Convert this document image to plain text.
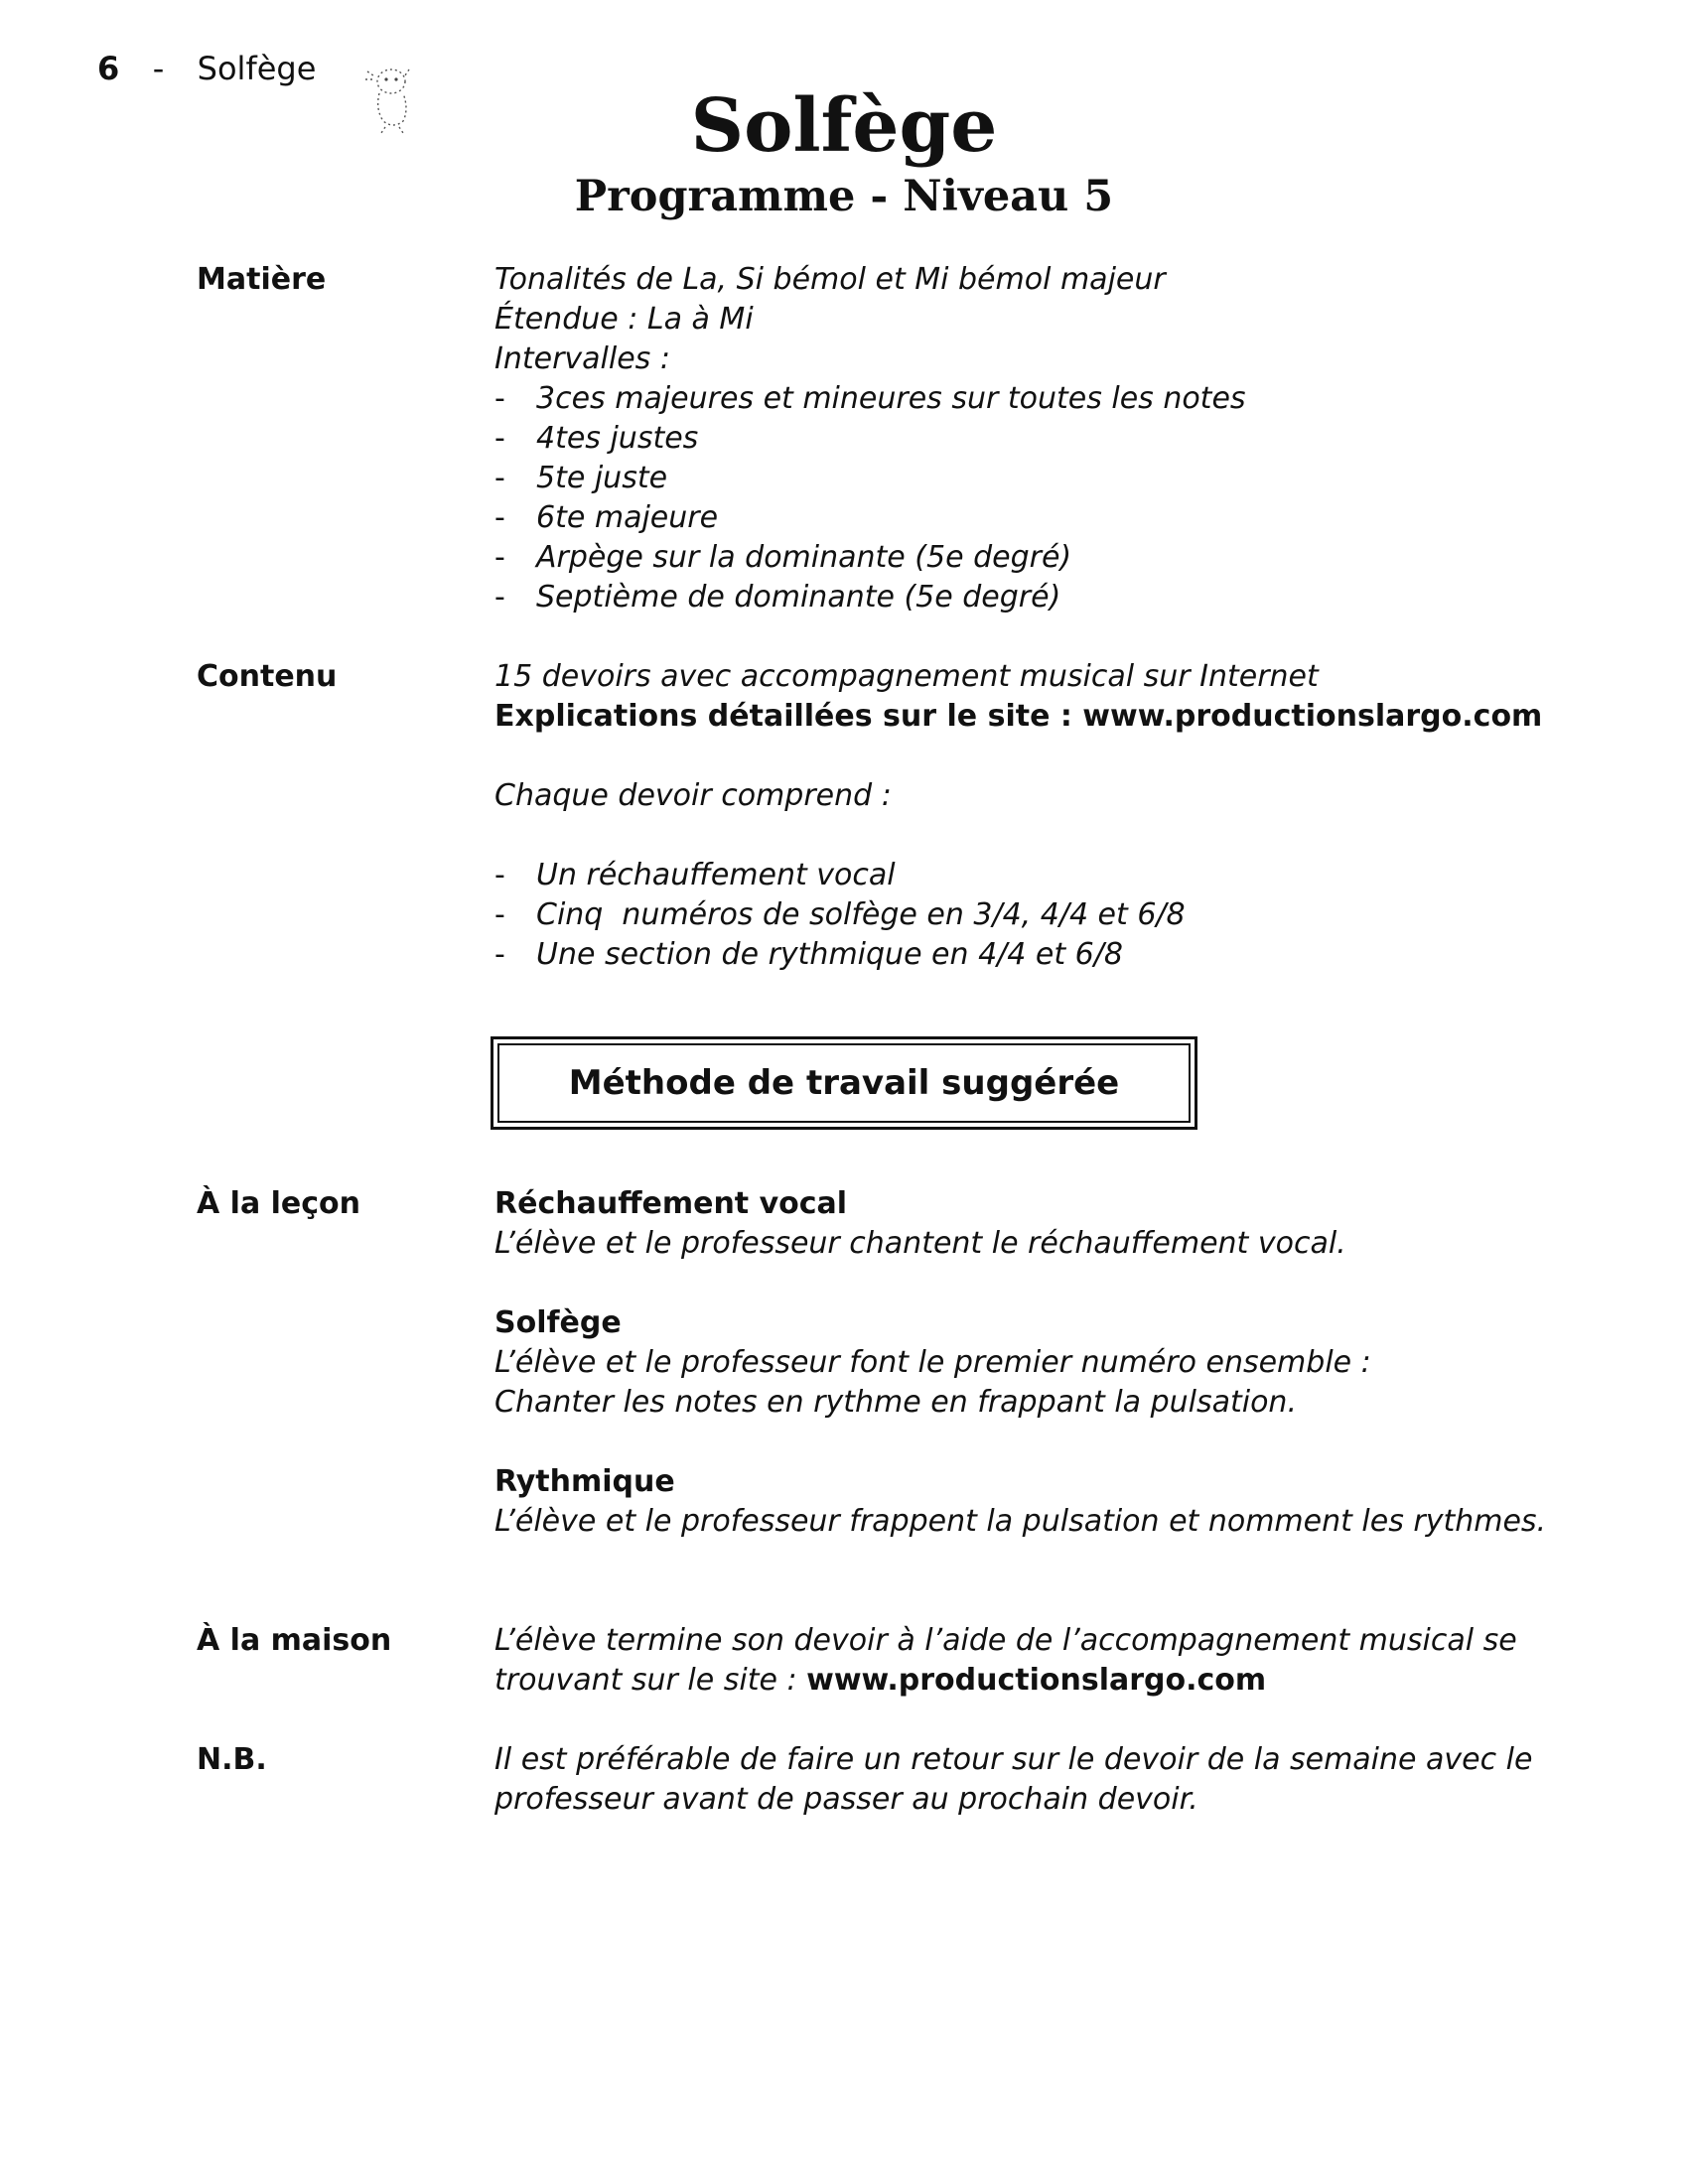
6 - Solfège
Solfège
Programme - Niveau 5
Matière	Tonalités de La, Si bémol et Mi bémol majeur
Étendue : La à Mi
Intervalles :
- 3ces majeures et mineures sur toutes les notes
- 4tes justes
- 5te juste
- 6te majeure
- Arpège sur la dominante (5e degré)
- Septième de dominante (5e degré)
Contenu	15 devoirs avec accompagnement musical sur Internet
Explications détaillées sur le site : www.productionslargo.com
Chaque devoir comprend :
- Un réchauffement vocal
- Cinq  numéros de solfège en 3/4, 4/4 et 6/8
- Une section de rythmique en 4/4 et 6/8
Méthode de travail suggérée
À la leçon	Réchauffement vocal
L’élève et le professeur chantent le réchauffement vocal.
Solfège
L’élève et le professeur font le premier numéro ensemble :
Chanter les notes en rythme en frappant la pulsation.
Rythmique
L’élève et le professeur frappent la pulsation et nomment les rythmes.
À la maison	L’élève termine son devoir à l’aide de l’accompagnement musical se trouvant sur le site : www.productionslargo.com
N.B.	Il est préférable de faire un retour sur le devoir de la semaine avec le
professeur avant de passer au prochain devoir.
